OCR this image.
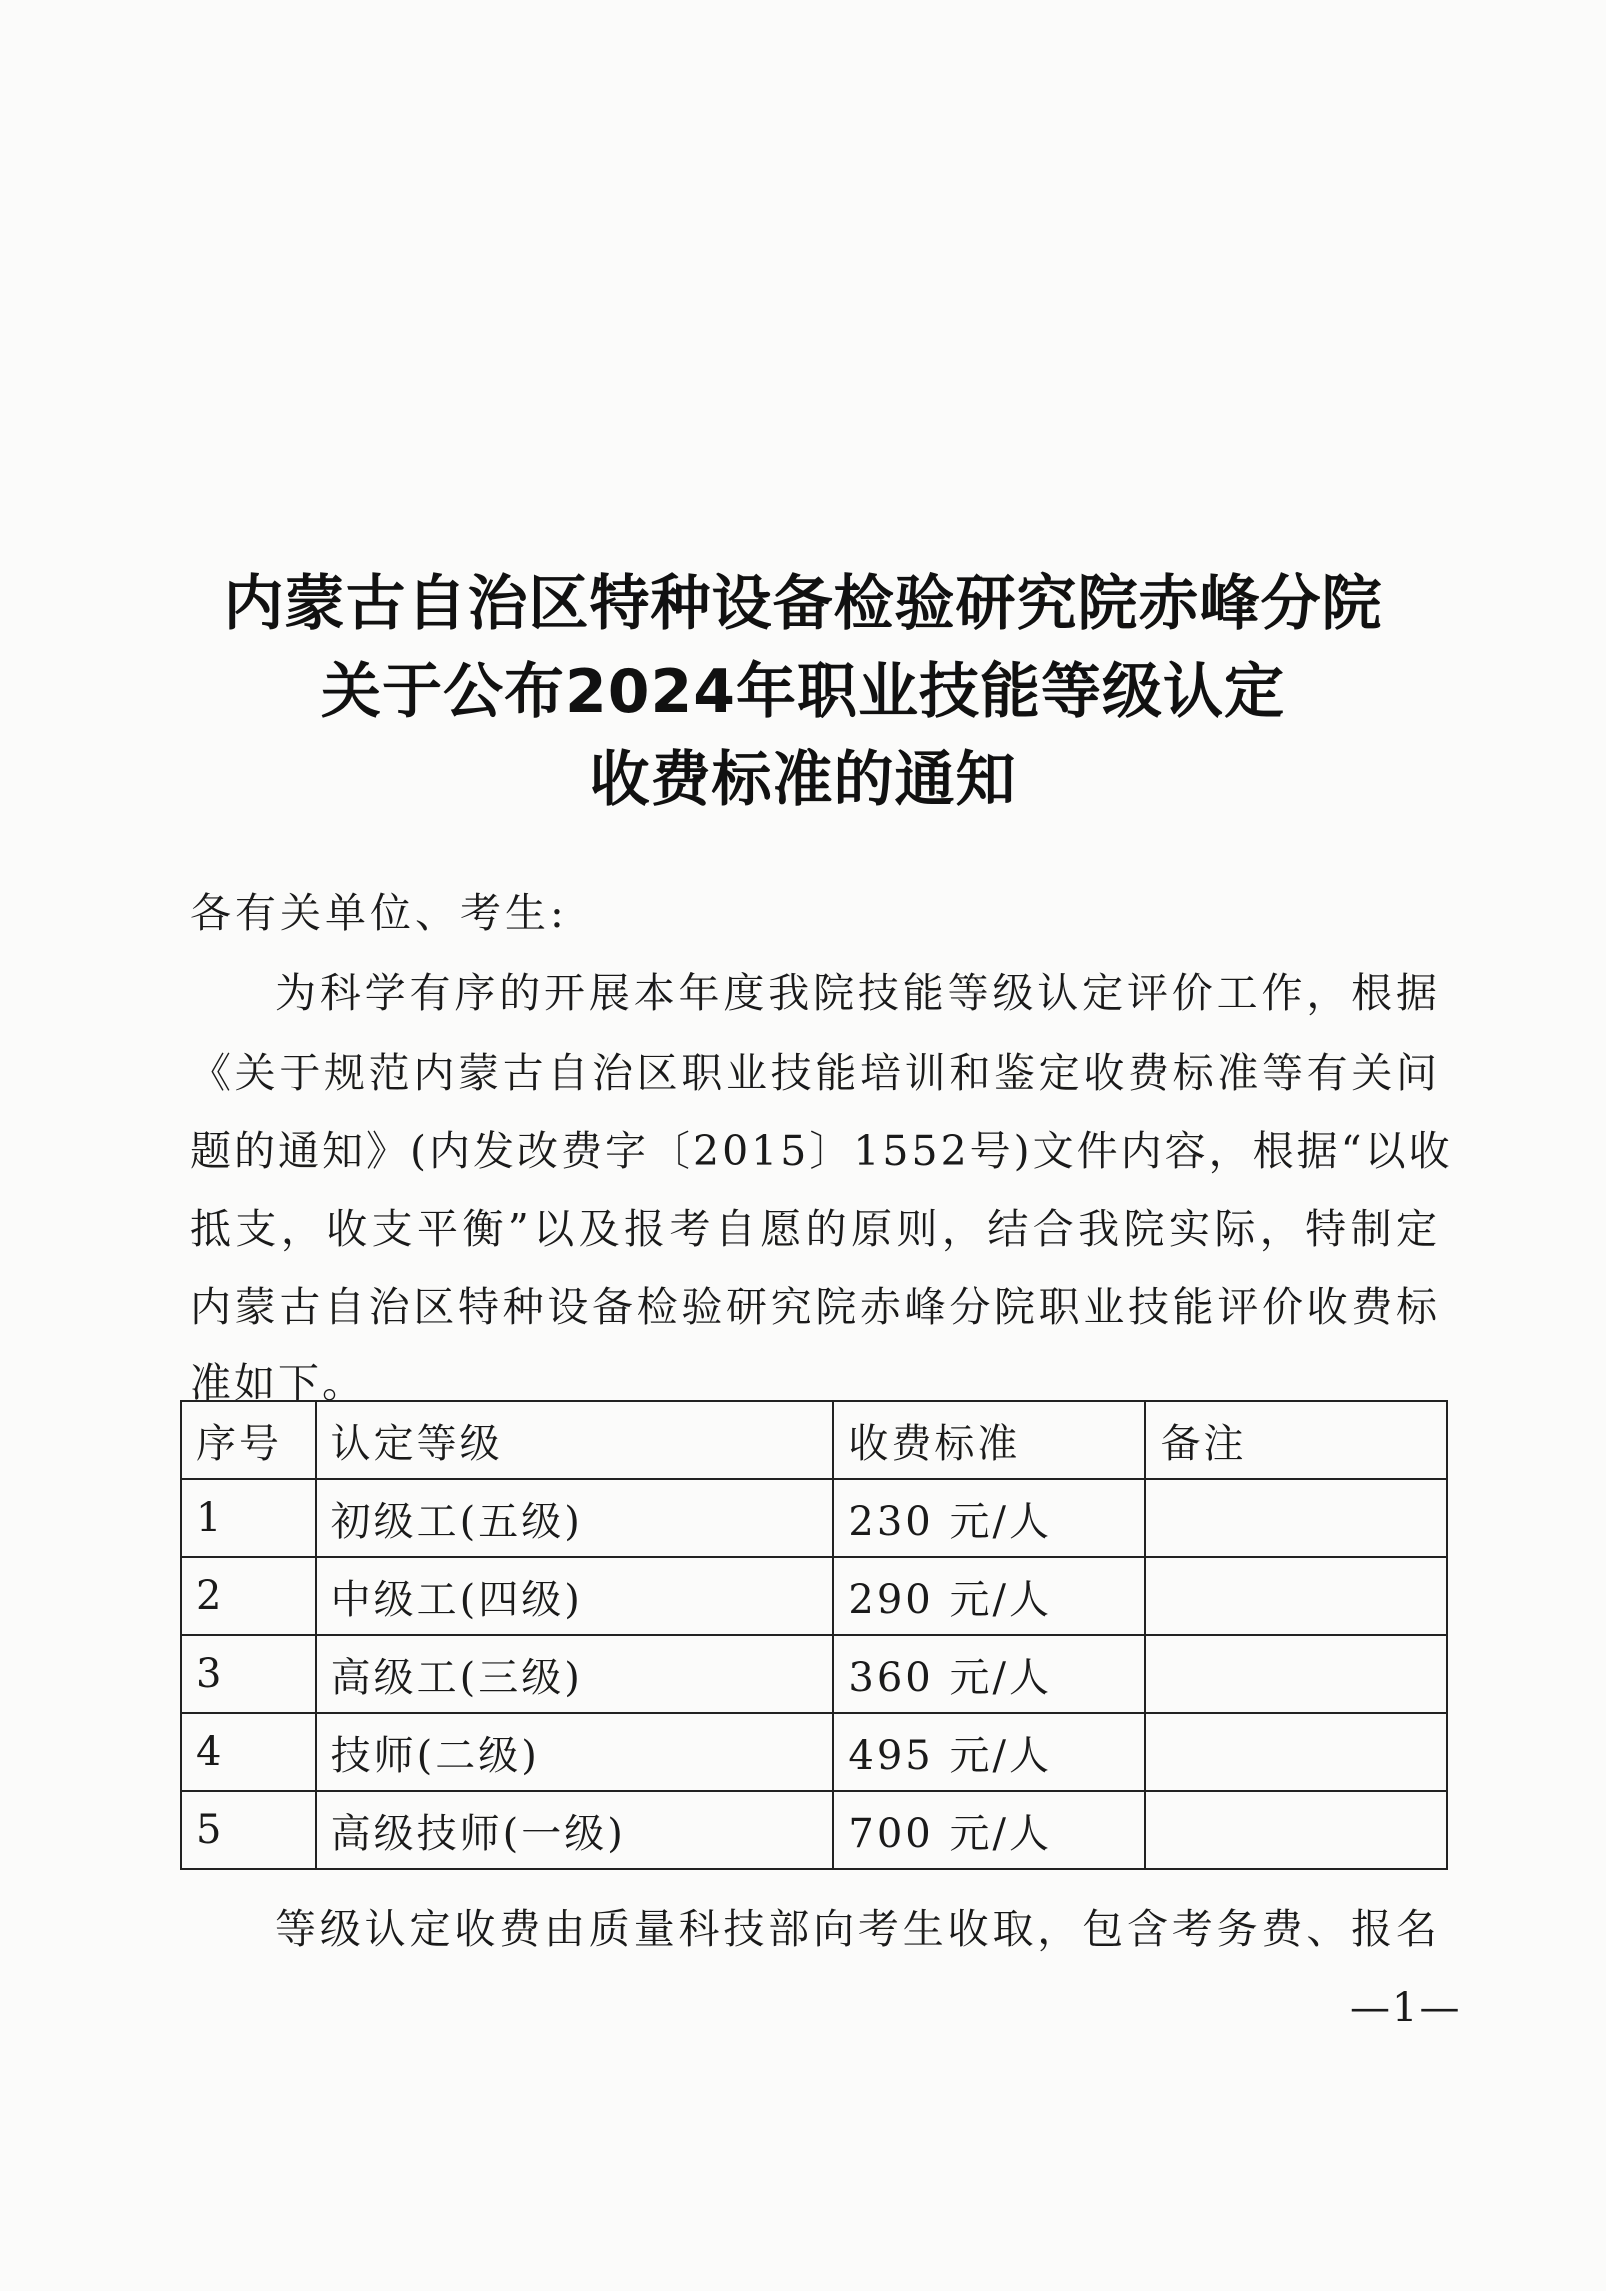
内蒙古自治区特种设备检验研究院赤峰分院
关于公布2024年职业技能等级认定
收费标准的通知
各有关单位、考生:
为科学有序的开展本年度我院技能等级认定评价工作，根据
《关于规范内蒙古自治区职业技能培训和鉴定收费标准等有关问
题的通知》(内发改费字〔2015〕1552号)文件内容，根据“以收
抵支，收支平衡”以及报考自愿的原则，结合我院实际，特制定
内蒙古自治区特种设备检验研究院赤峰分院职业技能评价收费标
准如下。
序号	认定等级	收费标准	备注
1	初级工(五级)	230 元/人	
2	中级工(四级)	290 元/人	
3	高级工(三级)	360 元/人	
4	技师(二级)	495 元/人	
5	高级技师(一级)	700 元/人	
等级认定收费由质量科技部向考生收取，包含考务费、报名
—1—
